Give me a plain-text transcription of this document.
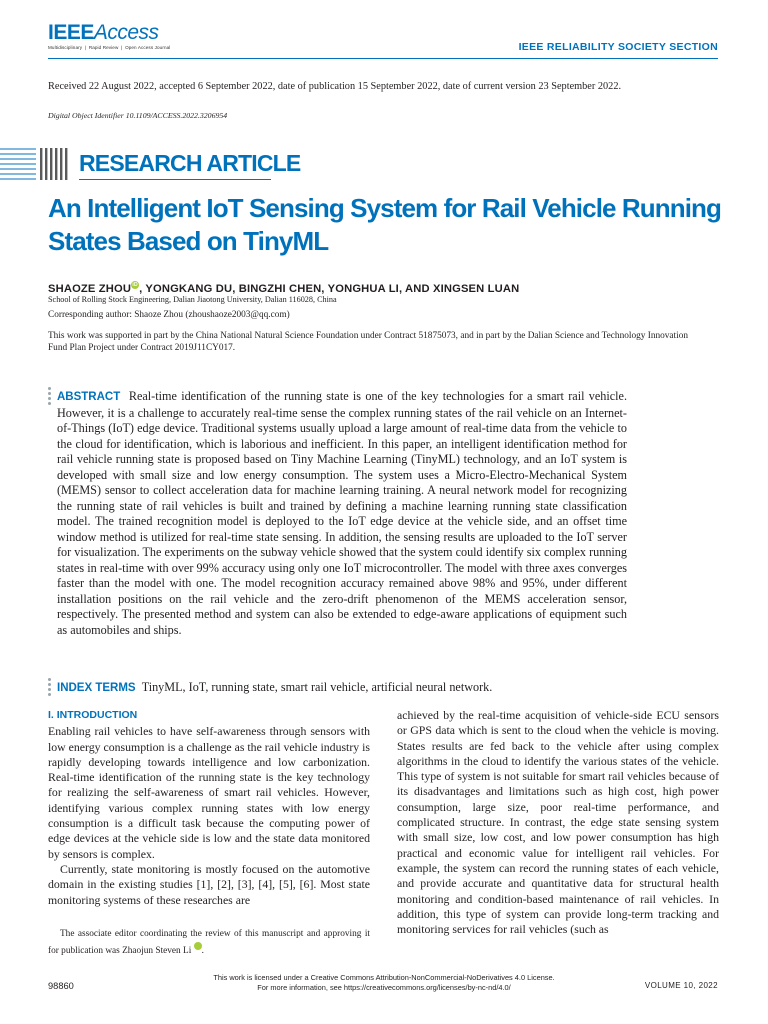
IEEEAccess
Multidisciplinary ❘ Rapid Review ❘ Open Access Journal	IEEE RELIABILITY SOCIETY SECTION
Received 22 August 2022, accepted 6 September 2022, date of publication 15 September 2022, date of current version 23 September 2022.
Digital Object Identifier 10.1109/ACCESS.2022.3206954
RESEARCH ARTICLE
An Intelligent IoT Sensing System for Rail Vehicle Running States Based on TinyML
SHAOZE ZHOUiD, YONGKANG DU, BINGZHI CHEN, YONGHUA LI, AND XINGSEN LUAN
School of Rolling Stock Engineering, Dalian Jiaotong University, Dalian 116028, China
Corresponding author: Shaoze Zhou (zhoushaoze2003@qq.com)
This work was supported in part by the China National Natural Science Foundation under Contract 51875073, and in part by the Dalian Science and Technology Innovation Fund Plan Project under Contract 2019J11CY017.
ABSTRACT Real-time identification of the running state is one of the key technologies for a smart rail vehicle. However, it is a challenge to accurately real-time sense the complex running states of the rail vehicle on an Internet-of-Things (IoT) edge device. Traditional systems usually upload a large amount of real-time data from the vehicle to the cloud for identification, which is laborious and inefficient. In this paper, an intelligent identification method for rail vehicle running state is proposed based on Tiny Machine Learning (TinyML) technology, and an IoT system is developed with small size and low energy consumption. The system uses a Micro-Electro-Mechanical System (MEMS) sensor to collect acceleration data for machine learning training. A neural network model for recognizing the running state of rail vehicles is built and trained by defining a machine learning running state classification model. The trained recognition model is deployed to the IoT edge device at the vehicle side, and an offset time window method is utilized for real-time state sensing. In addition, the sensing results are uploaded to the IoT server for visualization. The experiments on the subway vehicle showed that the system could identify six complex running states in real-time with over 99% accuracy using only one IoT microcontroller. The model with three axes converges faster than the model with one. The model recognition accuracy remained above 98% and 95%, under different installation positions on the rail vehicle and the zero-drift phenomenon of the MEMS acceleration sensor, respectively. The presented method and system can also be extended to edge-aware applications of equipment such as automobiles and ships.
INDEX TERMS TinyML, IoT, running state, smart rail vehicle, artificial neural network.
I. INTRODUCTION

Enabling rail vehicles to have self-awareness through sensors with low energy consumption is a challenge as the rail vehicle industry is rapidly developing towards intelligence and low carbonization. Real-time identification of the running state is the key technology for realizing the self-awareness of smart rail vehicles. However, identifying various complex running states with low energy consumption is a difficult task because the computing power of edge devices at the vehicle side is low and the state data monitored by sensors is complex.

Currently, state monitoring is mostly focused on the automotive domain in the existing studies [1], [2], [3], [4], [5], [6]. Most state monitoring systems of these researches are

achieved by the real-time acquisition of vehicle-side ECU sensors or GPS data which is sent to the cloud when the vehicle is moving. States results are fed back to the vehicle after using complex algorithms in the cloud to identify the various states of the vehicle. This type of system is not suitable for smart rail vehicles because of its disadvantages and limitations such as high cost, high power consumption, large size, poor real-time performance, and complicated structure. In contrast, the edge state sensing system with small size, low cost, and low power consumption has high practical and economic value for intelligent rail vehicles. For example, the system can record the running states of each vehicle, and provide accurate and quantitative data for structural health monitoring and condition-based maintenance of rail vehicles. In addition, this type of system can provide long-term tracking and monitoring services for rail vehicles (such as

The associate editor coordinating the review of this manuscript and approving it for publication was Zhaojun Steven Li	iD.
98860
This work is licensed under a Creative Commons Attribution-NonCommercial-NoDerivatives 4.0 License.
For more information, see https://creativecommons.org/licenses/by-nc-nd/4.0/	VOLUME 10, 2022
